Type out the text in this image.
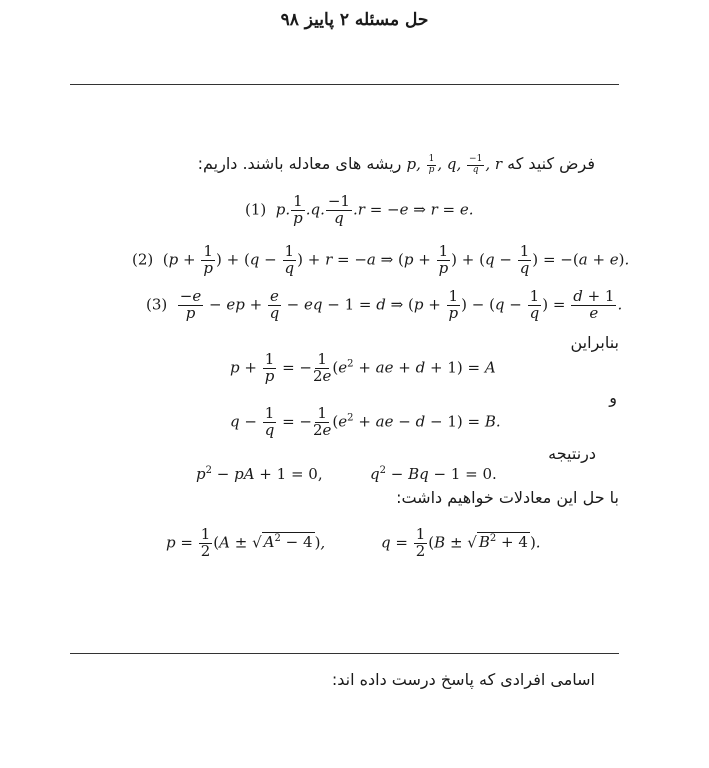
حل مسئله ۲ پاییز ۹۸
فرض کنید که p, $\frac{1}{p}$ , q, $\frac{-1}{q}$ , r ریشه های معادله باشند. داریم:
(1)  p. $\frac{1}{p} .q$. $\frac{-1}{q} .r = -e$ ⇒ r = e.
(2) ($p + \frac{1}{p}$ ) + ($q - \frac{1}{q}$ ) + r = −a ⇒ ($p + \frac{1}{p}$ ) + ($q - \frac{1}{q}$ ) = −(a + e).
$(3) \frac{-e}{p}$ − ep + $\frac{e}{q}$ − eq − 1 = d ⇒ ($p + \frac{1}{p}$ ) − ($q - \frac{1}{q}$ ) = $\frac{d + 1}{e}$ .
بنابراین
$p + \frac{1}{p}$ = − $\frac{1}{2e} (e^2$ + ae + d + 1) = A
و
$q - \frac{1}{q}$ = − $\frac{1}{2e} (e^2$ + ae − d − 1) = B.
درنتیجه
$p^2$ − pA + 1 = 0,	$q^2 - Bq - 1 = 0$.
با حل این معادلات خواهیم داشت:
$p = \frac{1}{2} (A$ ± √ $A^2 - 4$ ),	$q = \frac{1}{2} (B$ ± √ $B^2 + 4$ ).
اسامی افرادی که پاسخ درست داده اند:
